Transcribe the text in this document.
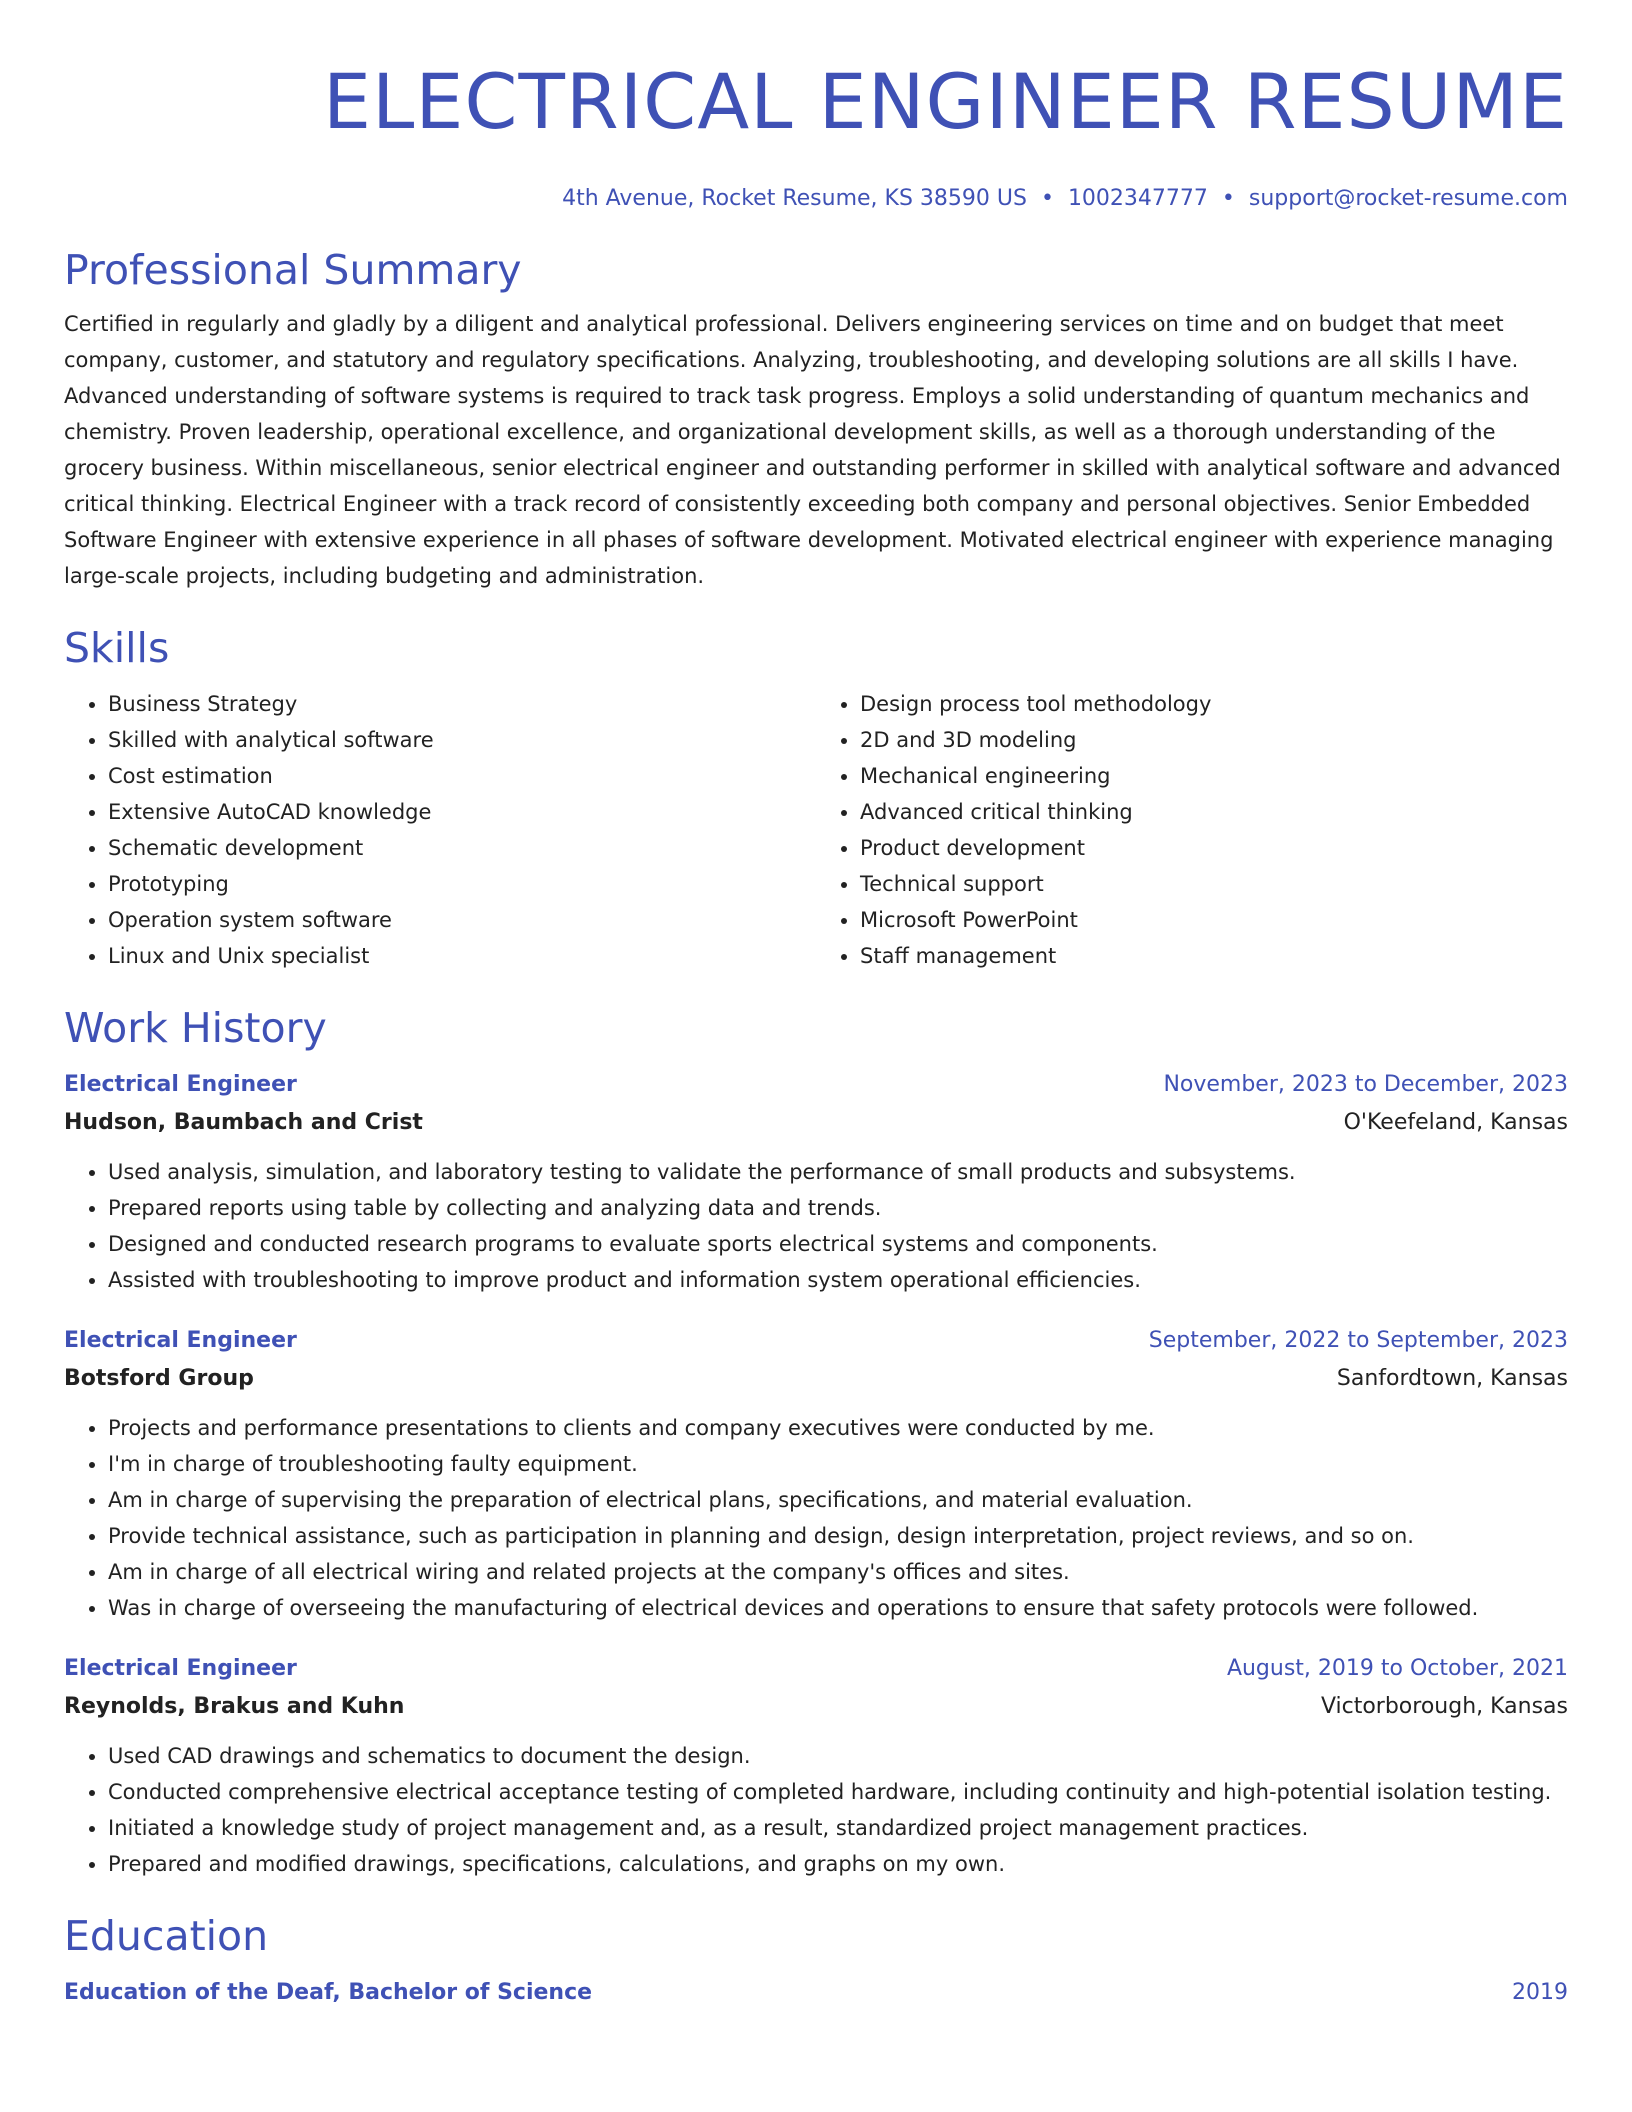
ELECTRICAL ENGINEER RESUME
4th Avenue, Rocket Resume, KS 38590 US • 1002347777 • support@rocket-resume.com
Professional Summary

Certified in regularly and gladly by a diligent and analytical professional. Delivers engineering services on time and on budget that meet company, customer, and statutory and regulatory specifications. Analyzing, troubleshooting, and developing solutions are all skills I have. Advanced understanding of software systems is required to track task progress. Employs a solid understanding of quantum mechanics and chemistry. Proven leadership, operational excellence, and organizational development skills, as well as a thorough understanding of the grocery business. Within miscellaneous, senior electrical engineer and outstanding performer in skilled with analytical software and advanced critical thinking. Electrical Engineer with a track record of consistently exceeding both company and personal objectives. Senior Embedded Software Engineer with extensive experience in all phases of software development. Motivated electrical engineer with experience managing large-scale projects, including budgeting and administration.

Skills
• Business Strategy
• Skilled with analytical software
• Cost estimation
• Extensive AutoCAD knowledge
• Schematic development
• Prototyping
• Operation system software
• Linux and Unix specialist
• Design process tool methodology
• 2D and 3D modeling
• Mechanical engineering
• Advanced critical thinking
• Product development
• Technical support
• Microsoft PowerPoint
• Staff management
Work History
Electrical Engineer	November, 2023 to December, 2023
Hudson, Baumbach and Crist	O'Keefeland, Kansas
• Used analysis, simulation, and laboratory testing to validate the performance of small products and subsystems.
• Prepared reports using table by collecting and analyzing data and trends.
• Designed and conducted research programs to evaluate sports electrical systems and components.
• Assisted with troubleshooting to improve product and information system operational efficiencies.
Electrical Engineer	September, 2022 to September, 2023
Botsford Group	Sanfordtown, Kansas
• Projects and performance presentations to clients and company executives were conducted by me.
• I'm in charge of troubleshooting faulty equipment.
• Am in charge of supervising the preparation of electrical plans, specifications, and material evaluation.
• Provide technical assistance, such as participation in planning and design, design interpretation, project reviews, and so on.
• Am in charge of all electrical wiring and related projects at the company's offices and sites.
• Was in charge of overseeing the manufacturing of electrical devices and operations to ensure that safety protocols were followed.
Electrical Engineer	August, 2019 to October, 2021
Reynolds, Brakus and Kuhn	Victorborough, Kansas
• Used CAD drawings and schematics to document the design.
• Conducted comprehensive electrical acceptance testing of completed hardware, including continuity and high-potential isolation testing.
• Initiated a knowledge study of project management and, as a result, standardized project management practices.
• Prepared and modified drawings, specifications, calculations, and graphs on my own.
Education
Education of the Deaf, Bachelor of Science	2019
